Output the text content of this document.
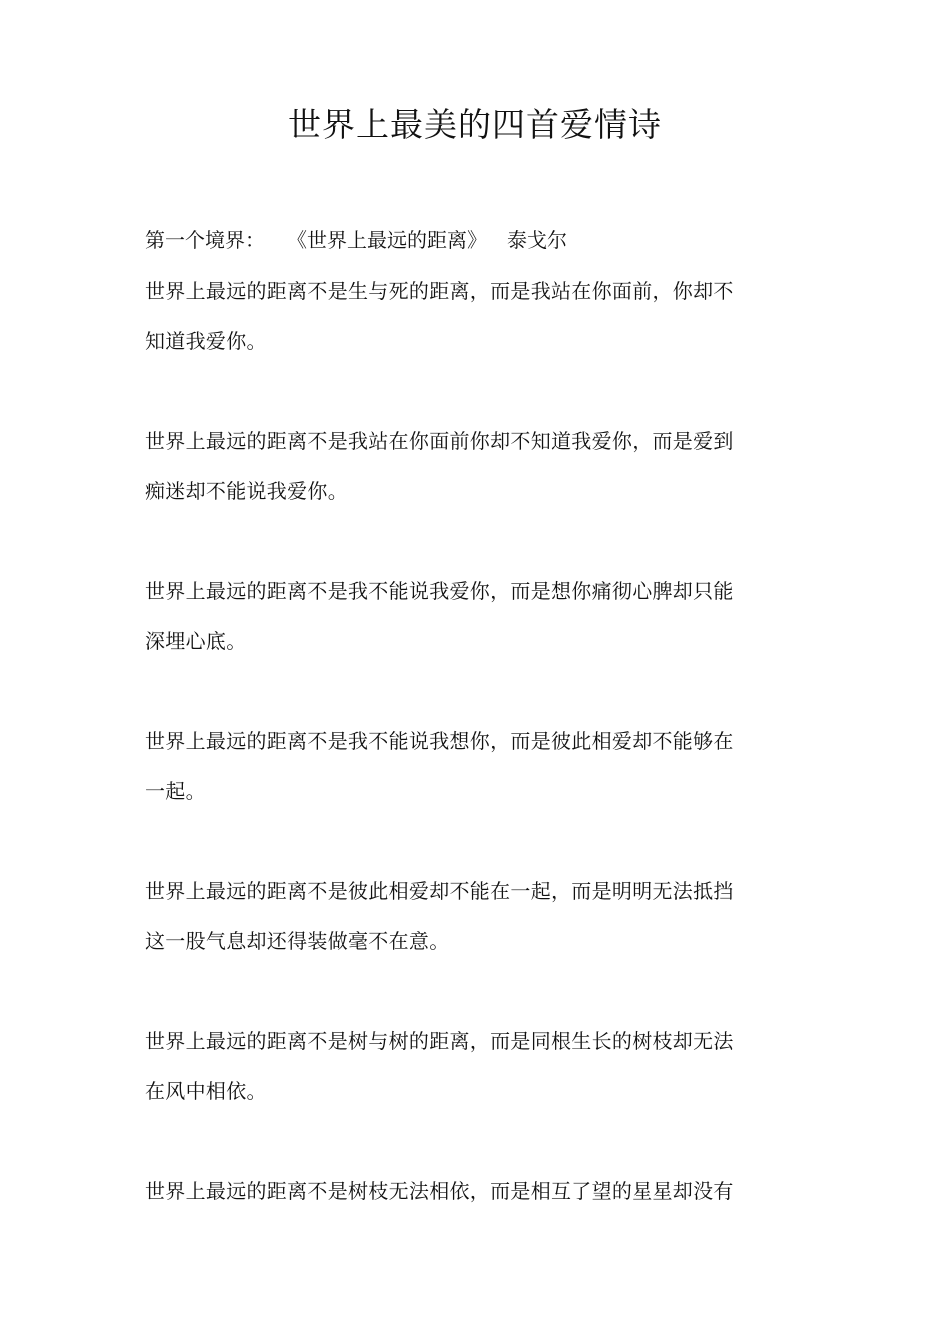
世界上最美的四首爱情诗
第一个境界： 《世界上最远的距离》 泰戈尔
世界上最远的距离不是生与死的距离，而是我站在你面前，你却不
知道我爱你。
世界上最远的距离不是我站在你面前你却不知道我爱你，而是爱到
痴迷却不能说我爱你。
世界上最远的距离不是我不能说我爱你，而是想你痛彻心脾却只能
深埋心底。
世界上最远的距离不是我不能说我想你，而是彼此相爱却不能够在
一起。
世界上最远的距离不是彼此相爱却不能在一起，而是明明无法抵挡
这一股气息却还得装做毫不在意。
世界上最远的距离不是树与树的距离，而是同根生长的树枝却无法
在风中相依。
世界上最远的距离不是树枝无法相依，而是相互了望的星星却没有
